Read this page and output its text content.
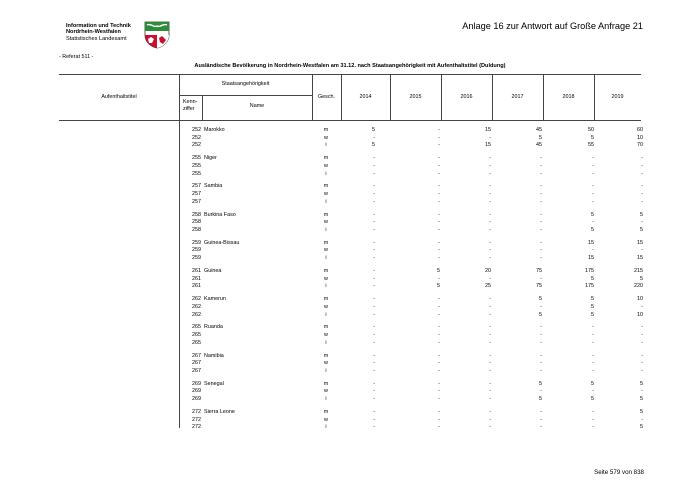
Information und Technik
Nordrhein-Westfalen
Statistisches Landesamt
Anlage 16 zur Antwort auf Große Anfrage 21
- Referat 511 -
Ausländische Bevölkerung in Nordrhein-Westfalen am 31.12. nach Staatsangehörigkeit mit Aufenthaltstitel (Duldung)
Aufenthaltstitel
Staatsangehörigkeit
Kenn-
ziffer	Name
Gesch.	2014	2015	2016	2017	2018	2019
252 Marokko	m	5	-	15	45	50	60
252	w	-	-	-	5	5	10
252	i	5	-	15	45	55	70
255 Niger	m	-	-	-	-	-	-
255	w	-	-	-	-	-	-
255	i	-	-	-	-	-	-
257 Sambia	m	-	-	-	-	-	-
257	w	-	-	-	-	-	-
257	i	-	-	-	-	-	-
258 Burkina Faso	m	-	-	-	-	5	5
258	w	-	-	-	-	-	-
258	i	-	-	-	-	5	5
259 Guinea-Bissau	m	-	-	-	-	15	15
259	w	-	-	-	-	-	-
259	i	-	-	-	-	15	15
261 Guinea	m	-	5	20	75	175	215
261	w	-	-	-	-	5	5
261	i	-	5	25	75	175	220
262 Kamerun	m	-	-	-	5	5	10
262	w	-	-	-	-	5	-
262	i	-	-	-	5	5	10
265 Ruanda	m	-	-	-	-	-	-
265	w	-	-	-	-	-	-
265	i	-	-	-	-	-	-
267 Namibia	m	-	-	-	-	-	-
267	w	-	-	-	-	-	-
267	i	-	-	-	-	-	-
269 Senegal	m	-	-	-	5	5	5
269	w	-	-	-	-	-	-
269	i	-	-	-	5	5	5
272 Sierra Leone	m	-	-	-	-	-	5
272	w	-	-	-	-	-	-
272	i	-	-	-	-	-	5
Seite 579 von 838
